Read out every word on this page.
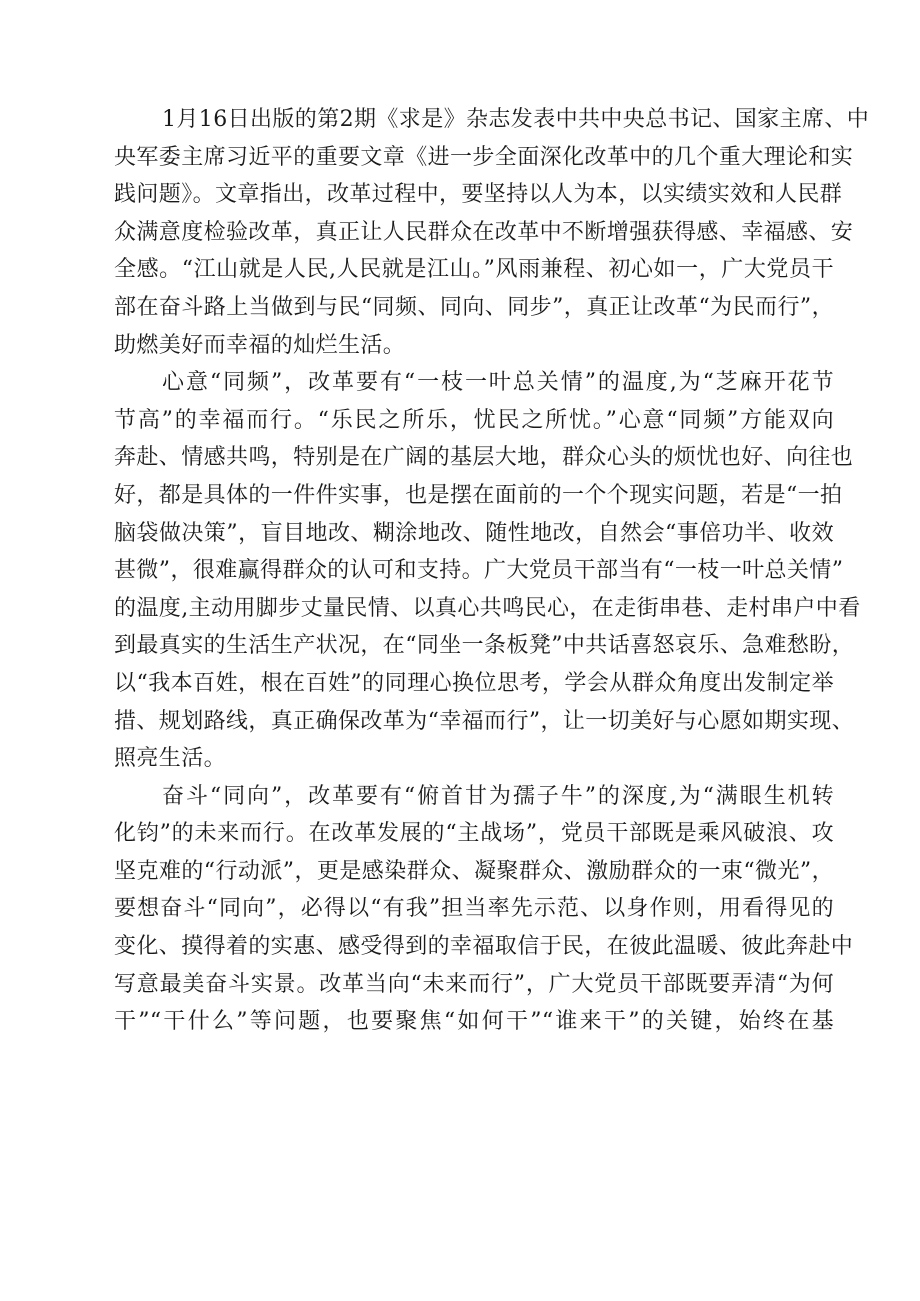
1月16日出版的第2期《求是》杂志发表中共中央总书记、国家主席、中
央军委主席习近平的重要文章《进一步全面深化改革中的几个重大理论和实
践问题》。文章指出，改革过程中，要坚持以人为本，以实绩实效和人民群
众满意度检验改革，真正让人民群众在改革中不断增强获得感、幸福感、安
全感。“江山就是人民,人民就是江山。”风雨兼程、初心如一，广大党员干
部在奋斗路上当做到与民“同频、同向、同步”，真正让改革“为民而行”，
助燃美好而幸福的灿烂生活。
心意“同频”，改革要有“一枝一叶总关情”的温度,为“芝麻开花节
节高”的幸福而行。“乐民之所乐，忧民之所忧。”心意“同频”方能双向
奔赴、情感共鸣，特别是在广阔的基层大地，群众心头的烦忧也好、向往也
好，都是具体的一件件实事，也是摆在面前的一个个现实问题，若是“一拍
脑袋做决策”，盲目地改、糊涂地改、随性地改，自然会“事倍功半、收效
甚微”，很难赢得群众的认可和支持。广大党员干部当有“一枝一叶总关情”
的温度,主动用脚步丈量民情、以真心共鸣民心，在走街串巷、走村串户中看
到最真实的生活生产状况，在“同坐一条板凳”中共话喜怒哀乐、急难愁盼，
以“我本百姓，根在百姓”的同理心换位思考，学会从群众角度出发制定举
措、规划路线，真正确保改革为“幸福而行”，让一切美好与心愿如期实现、
照亮生活。
奋斗“同向”，改革要有“俯首甘为孺子牛”的深度,为“满眼生机转
化钧”的未来而行。在改革发展的“主战场”，党员干部既是乘风破浪、攻
坚克难的“行动派”，更是感染群众、凝聚群众、激励群众的一束“微光”，
要想奋斗“同向”，必得以“有我”担当率先示范、以身作则，用看得见的
变化、摸得着的实惠、感受得到的幸福取信于民，在彼此温暖、彼此奔赴中
写意最美奋斗实景。改革当向“未来而行”，广大党员干部既要弄清“为何
干”“干什么”等问题，也要聚焦“如何干”“谁来干”的关键，始终在基
